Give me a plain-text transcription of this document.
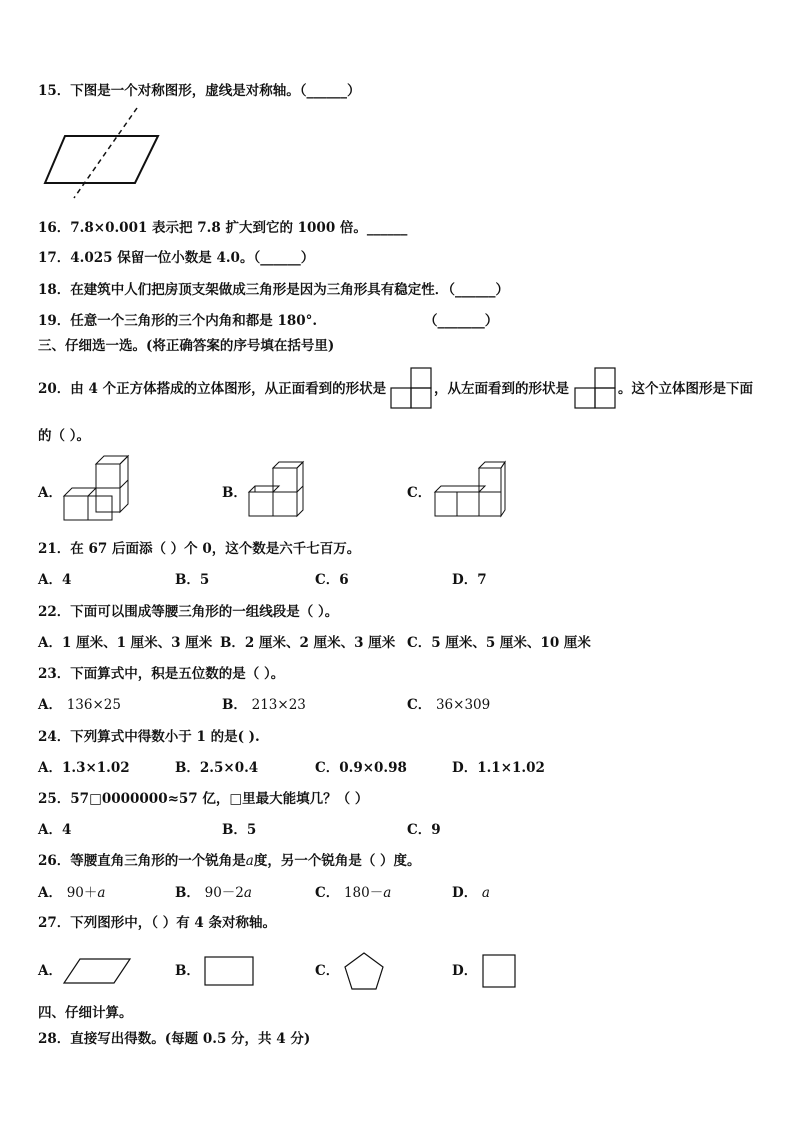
15．下图是一个对称图形，虚线是对称轴。（______）
16．7.8×0.001 表示把 7.8 扩大到它的 1000 倍。______
17．4.025 保留一位小数是 4.0。（______）
18．在建筑中人们把房顶支架做成三角形是因为三角形具有稳定性．（______）
19．任意一个三角形的三个内角和都是 180°.	（_______）
三、仔细选一选。(将正确答案的序号填在括号里)
20．由 4 个正方体搭成的立体图形，从正面看到的形状是	，从左面看到的形状是	。这个立体图形是下面
的（ ）。
A．	B．	C．
21．在 67 后面添（ ）个 0，这个数是六千七百万。
A．4	B．5	C．6	D．7
22．下面可以围成等腰三角形的一组线段是（ ）。
A．1 厘米、1 厘米、3 厘米 B．2 厘米、2 厘米、3 厘米 C．5 厘米、5 厘米、10 厘米
23．下面算式中，积是五位数的是（ ）。
A． 136×25	B． 213×23	C． 36×309
24．下列算式中得数小于 1 的是( ).
A．1.3×1.02	B．2.5×0.4	C．0.9×0.98	D．1.1×1.02
25．57□0000000≈57 亿，□里最大能填几？（ ）
A．4	B．5	C．9
26．等腰直角三角形的一个锐角是a度，另一个锐角是（ ）度。
A． 90＋a	B． 90－2a	C． 180－a	D． a
27．下列图形中，（ ）有 4 条对称轴。
A．	B．	C．	D．
四、仔细计算。
28．直接写出得数。(每题 0.5 分，共 4 分)
